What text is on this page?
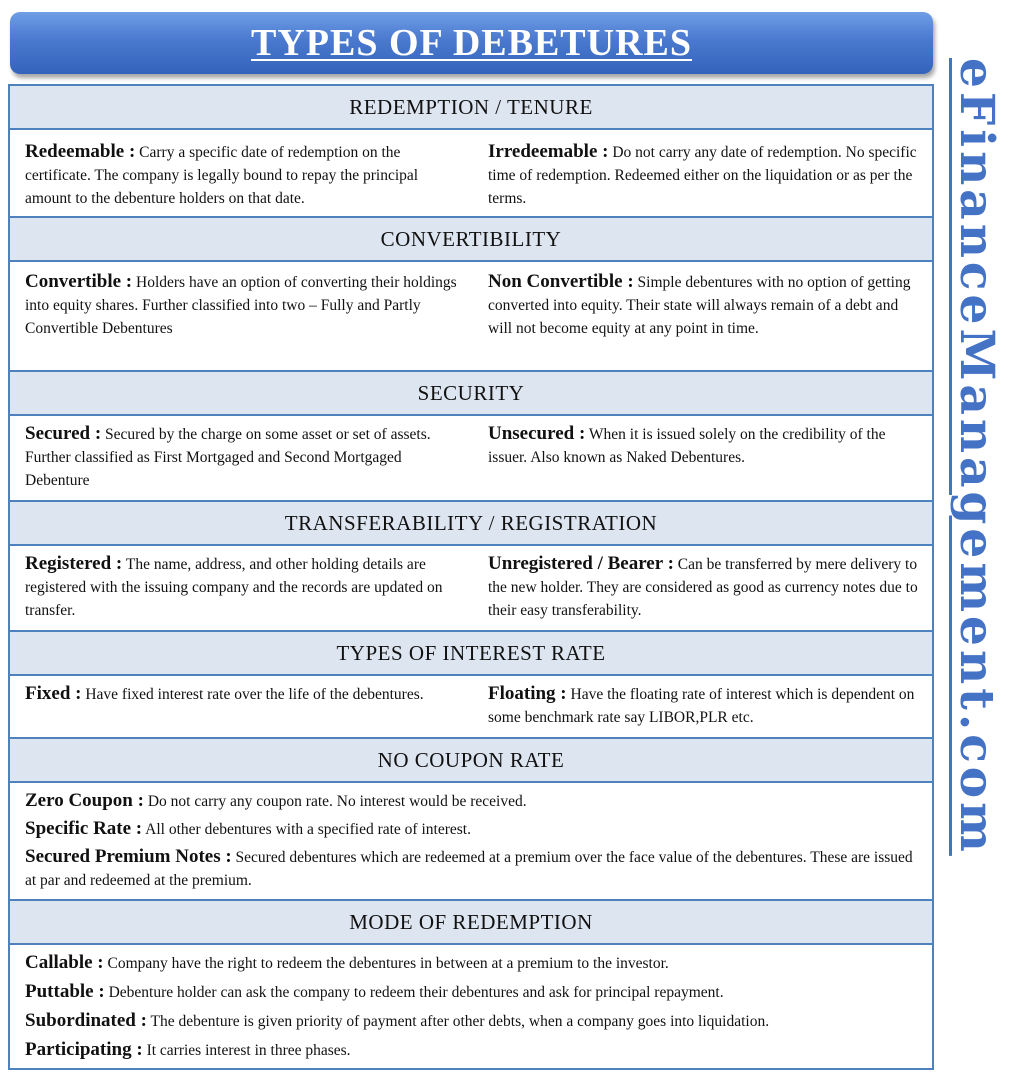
TYPES OF DEBETURES
eFinanceManagement.com
REDEMPTION / TENURE
Redeemable : Carry a specific date of redemption on the certificate. The company is legally bound to repay the principal amount to the debenture holders on that date.
Irredeemable : Do not carry any date of redemption. No specific time of redemption. Redeemed either on the liquidation or as per the terms.
CONVERTIBILITY
Convertible : Holders have an option of converting their holdings into equity shares. Further classified into two – Fully and Partly Convertible Debentures
Non Convertible : Simple debentures with no option of getting converted into equity. Their state will always remain of a debt and will not become equity at any point in time.
SECURITY
Secured : Secured by the charge on some asset or set of assets. Further classified as First Mortgaged and Second Mortgaged Debenture
Unsecured : When it is issued solely on the credibility of the issuer. Also known as Naked Debentures.
TRANSFERABILITY / REGISTRATION
Registered : The name, address, and other holding details are registered with the issuing company and the records are updated on transfer.
Unregistered / Bearer : Can be transferred by mere delivery to the new holder. They are considered as good as currency notes due to their easy transferability.
TYPES OF INTEREST RATE
Fixed : Have fixed interest rate over the life of the debentures.	Floating : Have the floating rate of interest which is dependent on some benchmark rate say LIBOR,PLR etc.
NO COUPON RATE

Zero Coupon : Do not carry any coupon rate. No interest would be received.

Specific Rate : All other debentures with a specified rate of interest.

Secured Premium Notes : Secured debentures which are redeemed at a premium over the face value of the debentures. These are issued at par and redeemed at the premium.

MODE OF REDEMPTION

Callable : Company have the right to redeem the debentures in between at a premium to the investor.

Puttable : Debenture holder can ask the company to redeem their debentures and ask for principal repayment.

Subordinated : The debenture is given priority of payment after other debts, when a company goes into liquidation.

Participating : It carries interest in three phases.
